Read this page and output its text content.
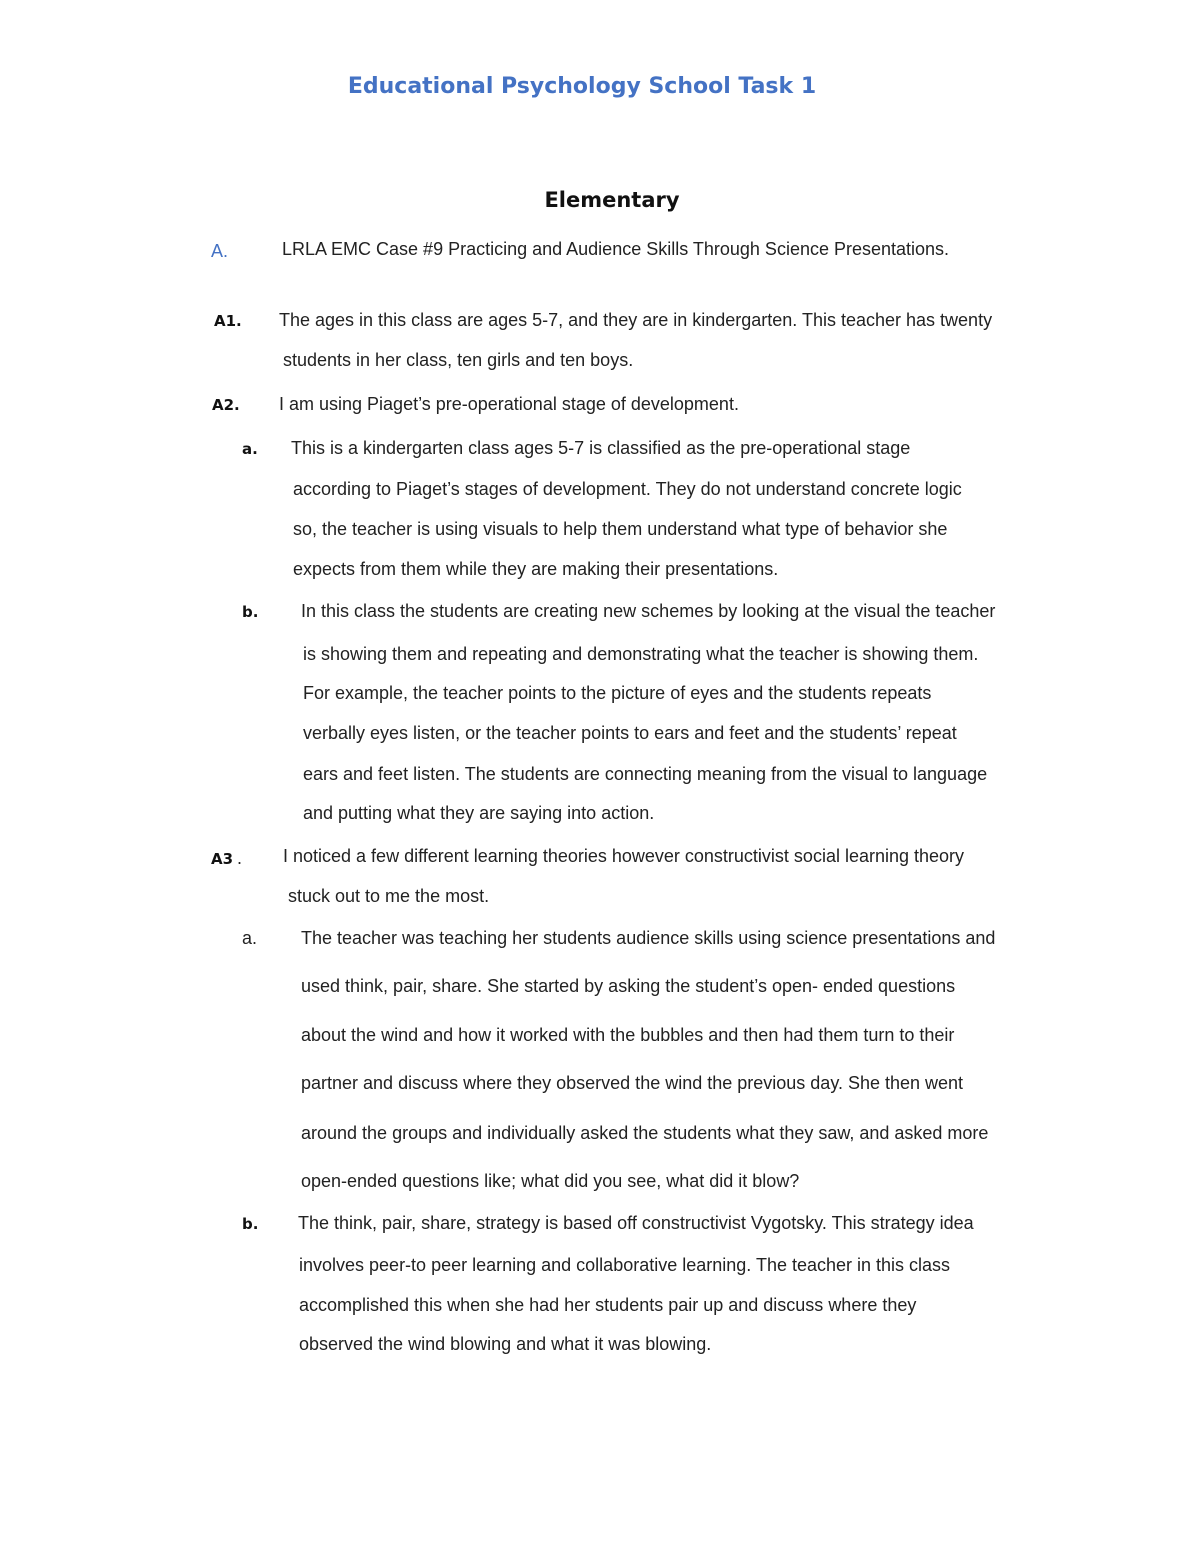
Educational Psychology School Task 1
Elementary
A.	LRLA EMC Case #9 Practicing and Audience Skills Through Science Presentations.
A1. The ages in this class are ages 5-7, and they are in kindergarten. This teacher has twenty
students in her class, ten girls and ten boys.
A2. I am using Piaget’s pre-operational stage of development.
a. This is a kindergarten class ages 5-7 is classified as the pre-operational stage
according to Piaget’s stages of development. They do not understand concrete logic
so, the teacher is using visuals to help them understand what type of behavior she
expects from them while they are making their presentations.
b. In this class the students are creating new schemes by looking at the visual the teacher
is showing them and repeating and demonstrating what the teacher is showing them.
For example, the teacher points to the picture of eyes and the students repeats
verbally eyes listen, or the teacher points to ears and feet and the students’ repeat
ears and feet listen. The students are connecting meaning from the visual to language
and putting what they are saying into action.
A3 . I noticed a few different learning theories however constructivist social learning theory
stuck out to me the most.
a. The teacher was teaching her students audience skills using science presentations and
used think, pair, share. She started by asking the student’s open- ended questions
about the wind and how it worked with the bubbles and then had them turn to their
partner and discuss where they observed the wind the previous day. She then went
around the groups and individually asked the students what they saw, and asked more
open-ended questions like; what did you see, what did it blow?
b. The think, pair, share, strategy is based off constructivist Vygotsky. This strategy idea
involves peer-to peer learning and collaborative learning. The teacher in this class
accomplished this when she had her students pair up and discuss where they
observed the wind blowing and what it was blowing.
